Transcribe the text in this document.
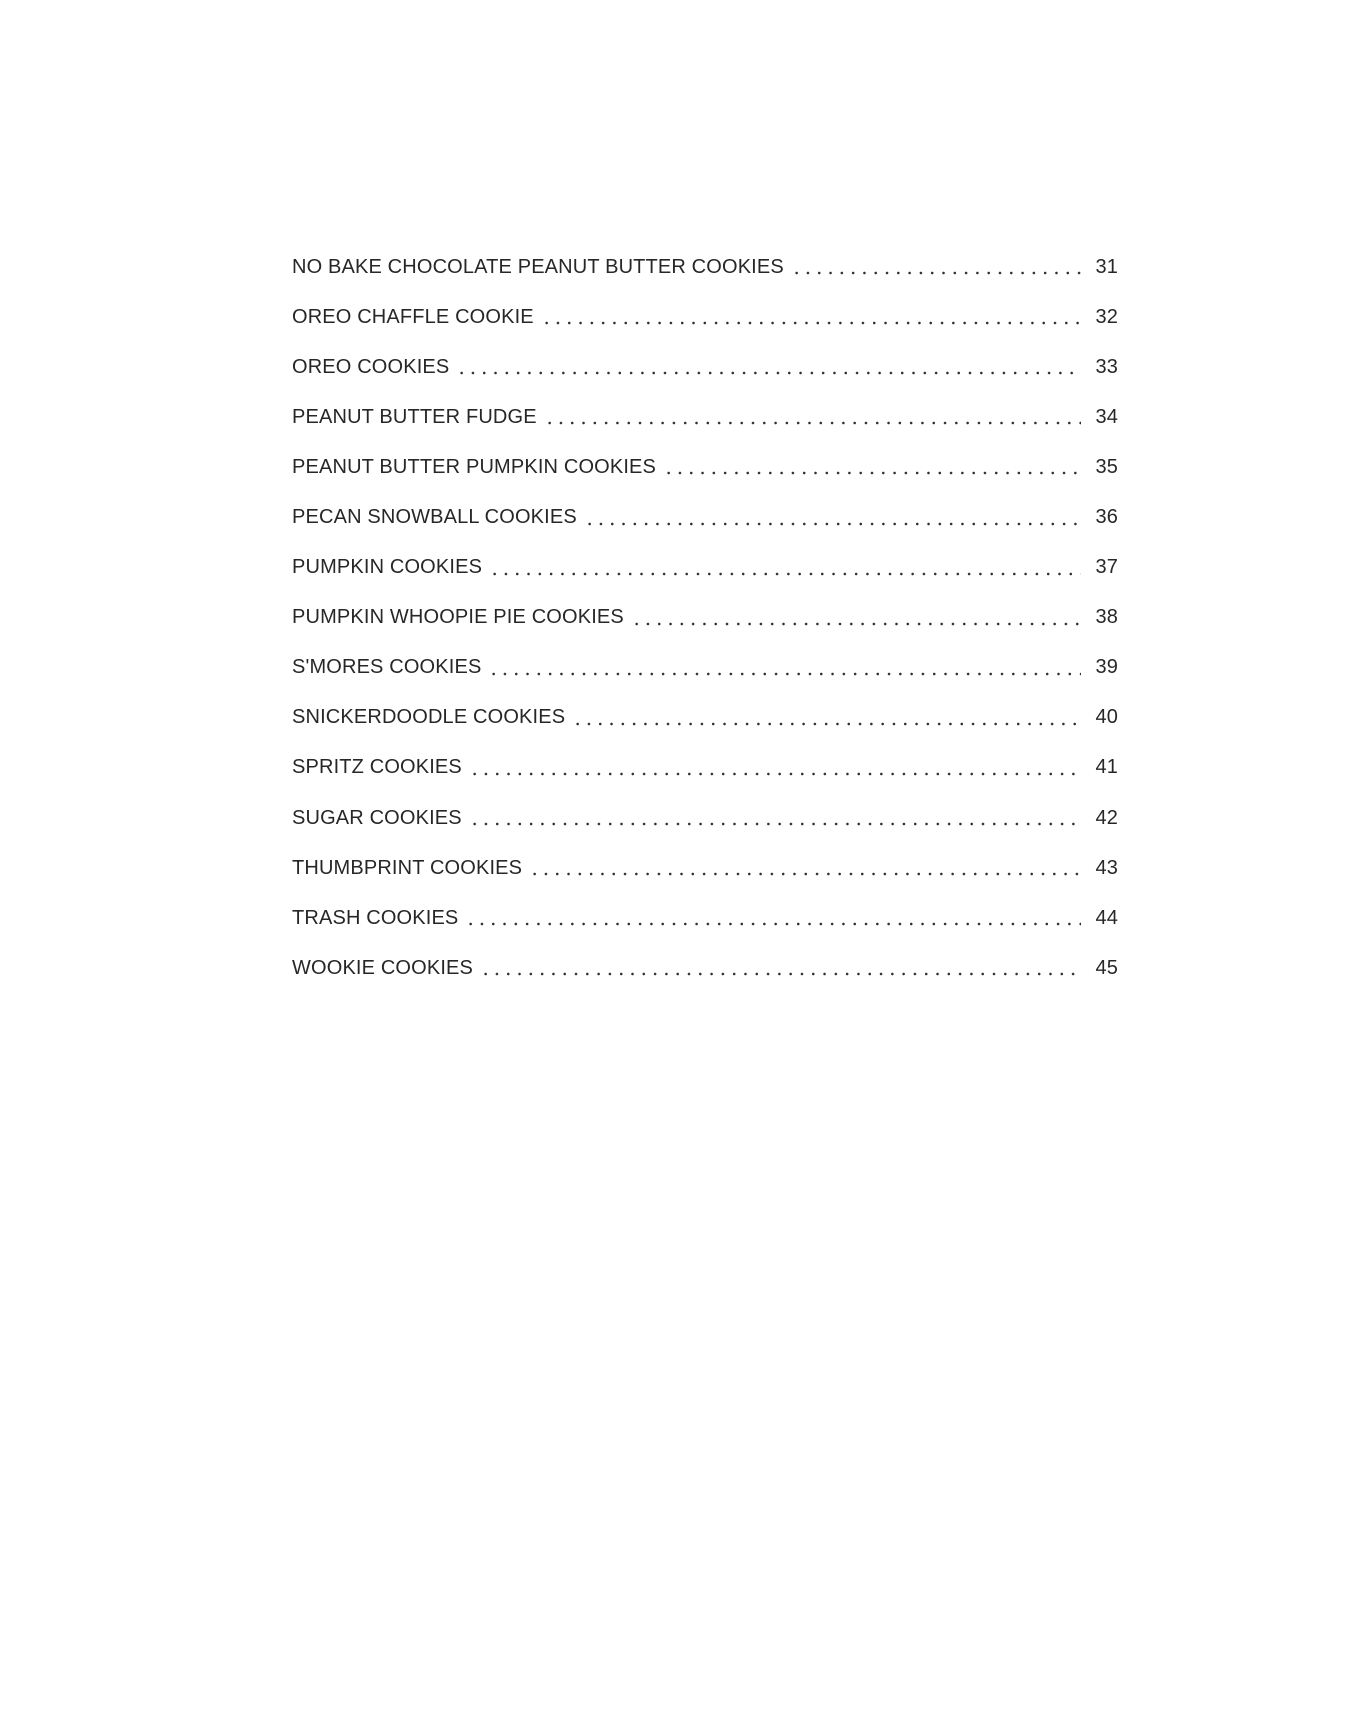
NO BAKE CHOCOLATE PEANUT BUTTER COOKIES	31
OREO CHAFFLE COOKIE	32
OREO COOKIES	33
PEANUT BUTTER FUDGE	34
PEANUT BUTTER PUMPKIN COOKIES	35
PECAN SNOWBALL COOKIES	36
PUMPKIN COOKIES	37
PUMPKIN WHOOPIE PIE COOKIES	38
S'MORES COOKIES	39
SNICKERDOODLE COOKIES	40
SPRITZ COOKIES	41
SUGAR COOKIES	42
THUMBPRINT COOKIES	43
TRASH COOKIES	44
WOOKIE COOKIES	45
